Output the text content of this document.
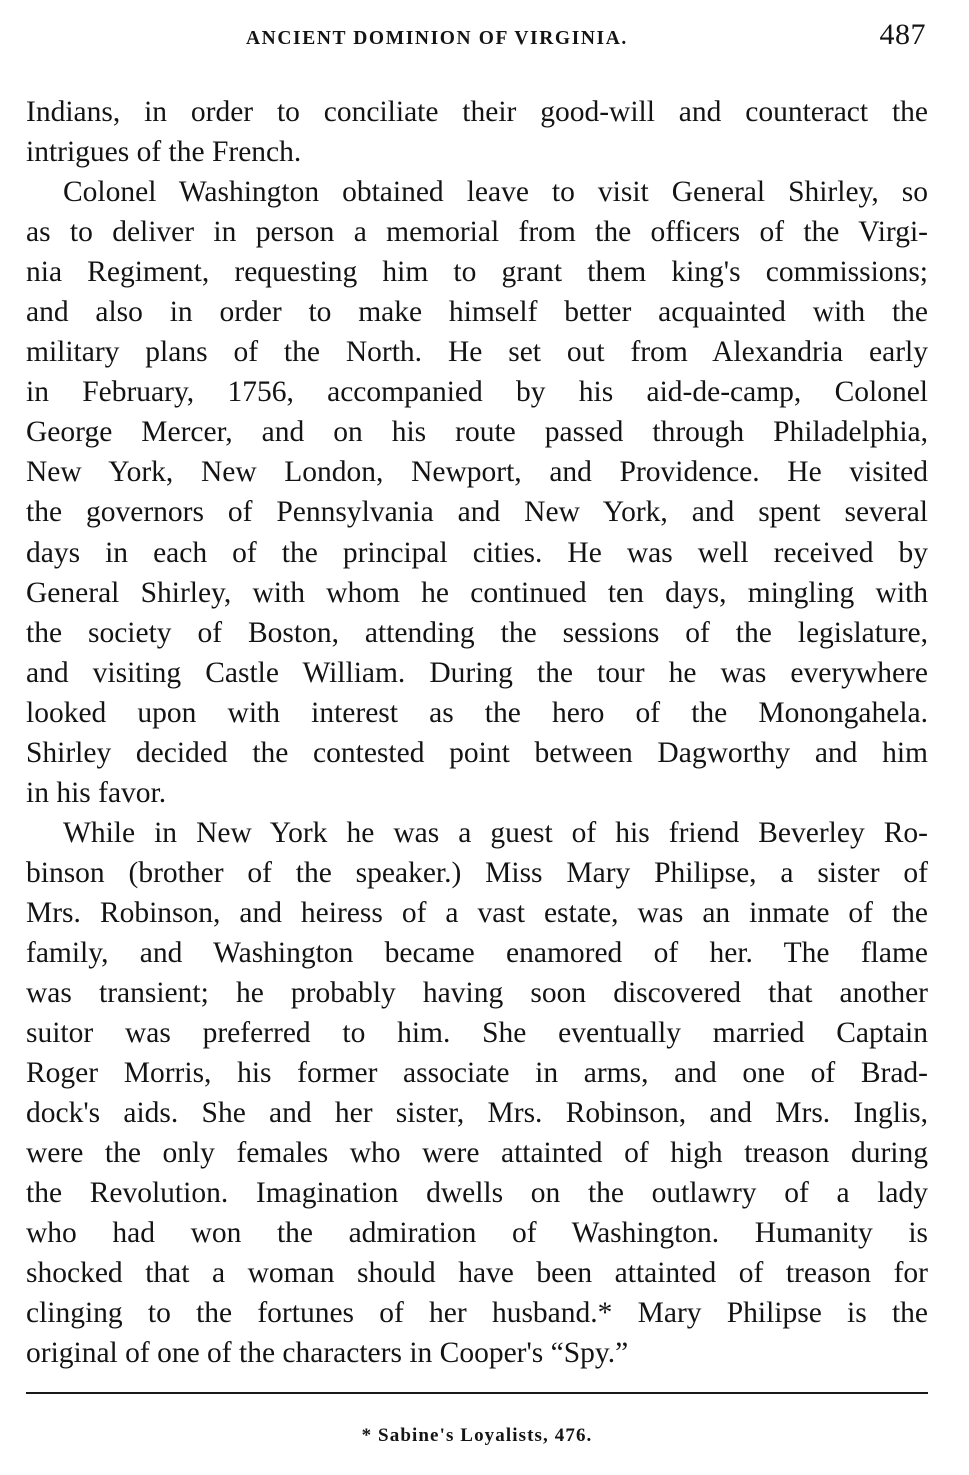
ANCIENT DOMINION OF VIRGINIA.	487

Indians, in order to conciliate their good-will and counteract the
intrigues of the French.

Colonel Washington obtained leave to visit General Shirley, so
as to deliver in person a memorial from the officers of the Virgi-
nia Regiment, requesting him to grant them king's commissions;
and also in order to make himself better acquainted with the
military plans of the North. He set out from Alexandria early
in February, 1756, accompanied by his aid-de-camp, Colonel
George Mercer, and on his route passed through Philadelphia,
New York, New London, Newport, and Providence. He visited
the governors of Pennsylvania and New York, and spent several
days in each of the principal cities. He was well received by
General Shirley, with whom he continued ten days, mingling with
the society of Boston, attending the sessions of the legislature,
and visiting Castle William. During the tour he was everywhere
looked upon with interest as the hero of the Monongahela.
Shirley decided the contested point between Dagworthy and him
in his favor.

While in New York he was a guest of his friend Beverley Ro-
binson (brother of the speaker.) Miss Mary Philipse, a sister of
Mrs. Robinson, and heiress of a vast estate, was an inmate of the
family, and Washington became enamored of her. The flame
was transient; he probably having soon discovered that another
suitor was preferred to him. She eventually married Captain
Roger Morris, his former associate in arms, and one of Brad-
dock's aids. She and her sister, Mrs. Robinson, and Mrs. Inglis,
were the only females who were attainted of high treason during
the Revolution. Imagination dwells on the outlawry of a lady
who had won the admiration of Washington. Humanity is
shocked that a woman should have been attainted of treason for
clinging to the fortunes of her husband.* Mary Philipse is the
original of one of the characters in Cooper's “Spy.”

* Sabine's Loyalists, 476.
